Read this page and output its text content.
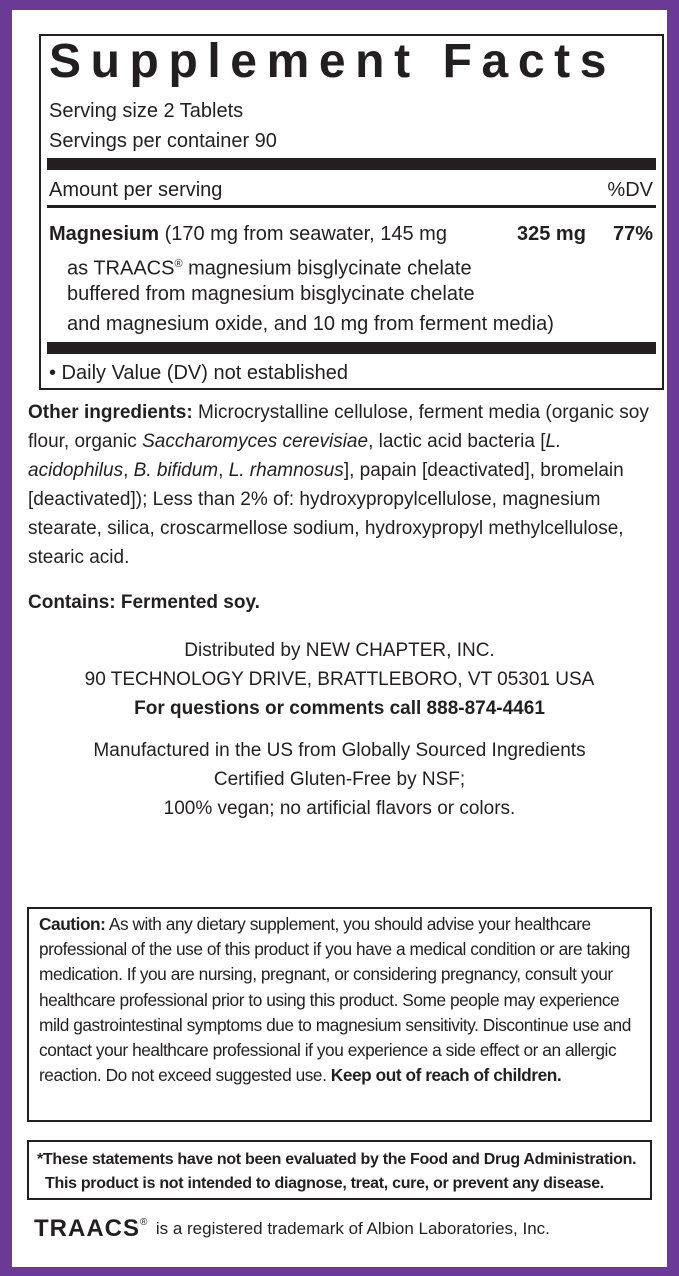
Supplement Facts
Serving size 2 Tablets
Servings per container 90
Amount per serving	%DV
Magnesium (170 mg from seawater, 145 mg	325 mg 77%
as TRAACS® magnesium bisglycinate chelate
buffered from magnesium bisglycinate chelate
and magnesium oxide, and 10 mg from ferment media)
• Daily Value (DV) not established
Other ingredients: Microcrystalline cellulose, ferment media (organic soy flour, organic Saccharomyces cerevisiae, lactic acid bacteria [L. acidophilus, B. bifidum, L. rhamnosus], papain [deactivated], bromelain [deactivated]); Less than 2% of: hydroxypropylcellulose, magnesium stearate, silica, croscarmellose sodium, hydroxypropyl methylcellulose, stearic acid.
Contains: Fermented soy.
Distributed by NEW CHAPTER, INC.
90 TECHNOLOGY DRIVE, BRATTLEBORO, VT 05301 USA
For questions or comments call 888-874-4461
Manufactured in the US from Globally Sourced Ingredients
Certified Gluten-Free by NSF;
100% vegan; no artificial flavors or colors.
Caution: As with any dietary supplement, you should advise your healthcare professional of the use of this product if you have a medical condition or are taking medication. If you are nursing, pregnant, or considering pregnancy, consult your healthcare professional prior to using this product. Some people may experience mild gastrointestinal symptoms due to magnesium sensitivity. Discontinue use and contact your healthcare professional if you experience a side effect or an allergic reaction. Do not exceed suggested use. Keep out of reach of children.
*These statements have not been evaluated by the Food and Drug Administration.
This product is not intended to diagnose, treat, cure, or prevent any disease.
TRAACS® is a registered trademark of Albion Laboratories, Inc.
